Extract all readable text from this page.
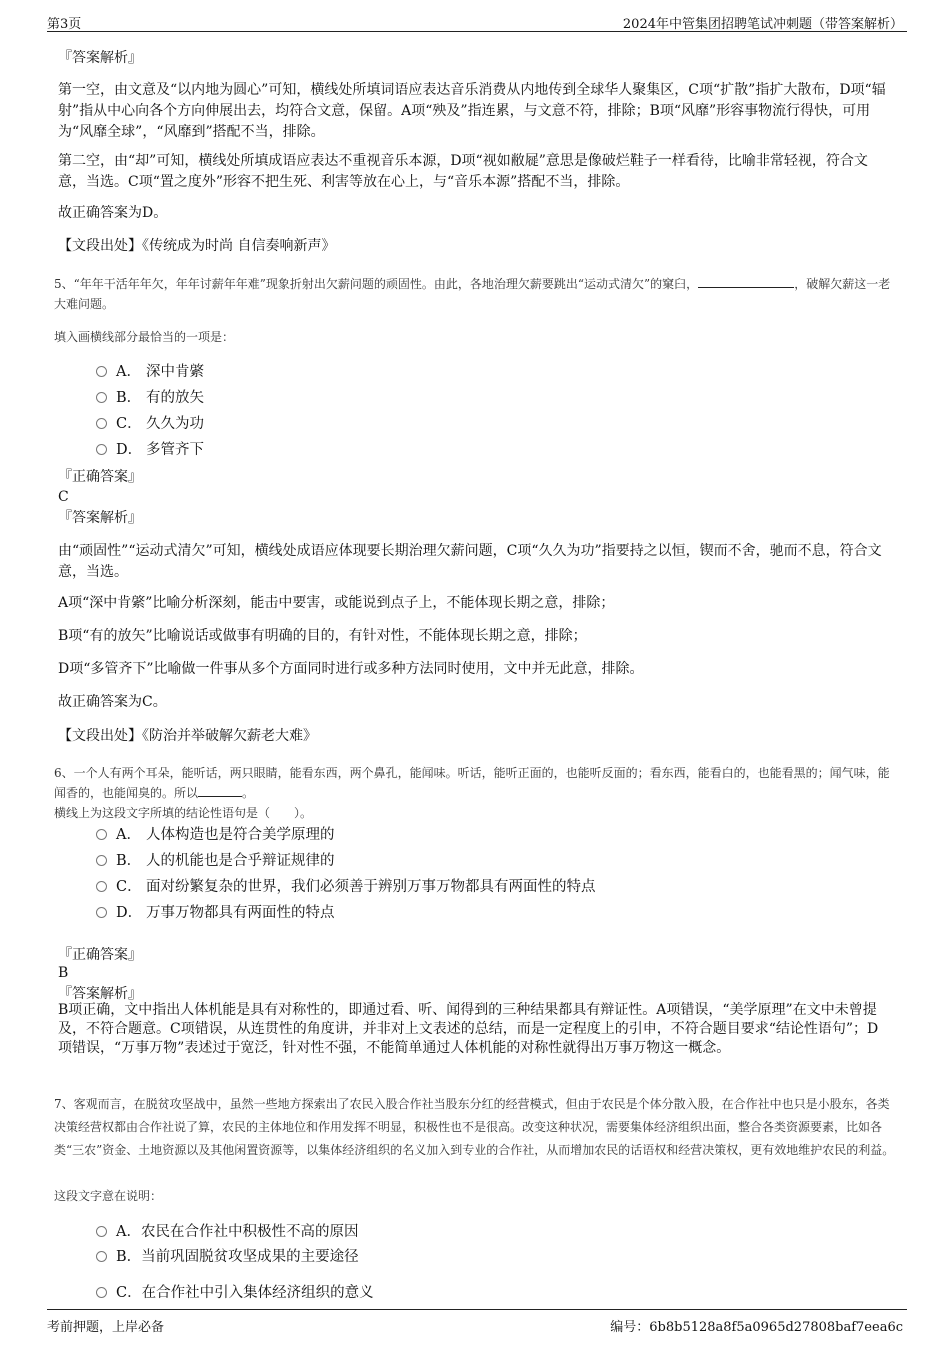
第3页	2024年中管集团招聘笔试冲刺题（带答案解析）
『答案解析』
第一空，由文意及“以内地为圆心”可知，横线处所填词语应表达音乐消费从内地传到全球华人聚集区，C项“扩散”指扩大散布，D项“辐射”指从中心向各个方向伸展出去，均符合文意，保留。A项“殃及”指连累，与文意不符，排除；B项“风靡”形容事物流行得快，可用为“风靡全球”，“风靡到”搭配不当，排除。
第二空，由“却”可知，横线处所填成语应表达不重视音乐本源，D项“视如敝屣”意思是像破烂鞋子一样看待，比喻非常轻视，符合文意，当选。C项“置之度外”形容不把生死、利害等放在心上，与“音乐本源”搭配不当，排除。
故正确答案为D。
【文段出处】《传统成为时尚 自信奏响新声》
5、“年年干活年年欠，年年讨薪年年难”现象折射出欠薪问题的顽固性。由此，各地治理欠薪要跳出“运动式清欠”的窠臼，	，破解欠薪这一老大难问题。
填入画横线部分最恰当的一项是：
A． 深中肯綮
B． 有的放矢
C． 久久为功
D． 多管齐下
『正确答案』
C
『答案解析』
由“顽固性”“运动式清欠”可知，横线处成语应体现要长期治理欠薪问题，C项“久久为功”指要持之以恒，锲而不舍，驰而不息，符合文意，当选。
A项“深中肯綮”比喻分析深刻，能击中要害，或能说到点子上，不能体现长期之意，排除；
B项“有的放矢”比喻说话或做事有明确的目的，有针对性，不能体现长期之意，排除；
D项“多管齐下”比喻做一件事从多个方面同时进行或多种方法同时使用，文中并无此意，排除。
故正确答案为C。
【文段出处】《防治并举破解欠薪老大难》
6、一个人有两个耳朵，能听话，两只眼睛，能看东西，两个鼻孔，能闻味。听话，能听正面的，也能听反面的；看东西，能看白的，也能看黑的；闻气味，能闻香的，也能闻臭的。所以	。
横线上为这段文字所填的结论性语句是（　　）。
A． 人体构造也是符合美学原理的
B． 人的机能也是合乎辩证规律的
C． 面对纷繁复杂的世界，我们必须善于辨别万事万物都具有两面性的特点
D． 万事万物都具有两面性的特点
『正确答案』
B
『答案解析』
B项正确，文中指出人体机能是具有对称性的，即通过看、听、闻得到的三种结果都具有辩证性。A项错误，“美学原理”在文中未曾提及，不符合题意。C项错误，从连贯性的角度讲，并非对上文表述的总结，而是一定程度上的引申，不符合题目要求“结论性语句”；D项错误，“万事万物”表述过于宽泛，针对性不强，不能简单通过人体机能的对称性就得出万事万物这一概念。
7、客观而言，在脱贫攻坚战中，虽然一些地方探索出了农民入股合作社当股东分红的经营模式，但由于农民是个体分散入股，在合作社中也只是小股东，各类决策经营权都由合作社说了算，农民的主体地位和作用发挥不明显，积极性也不是很高。改变这种状况，需要集体经济组织出面，整合各类资源要素，比如各类“三农”资金、土地资源以及其他闲置资源等，以集体经济组织的名义加入到专业的合作社，从而增加农民的话语权和经营决策权，更有效地维护农民的利益。
这段文字意在说明：
A．农民在合作社中积极性不高的原因
B．当前巩固脱贫攻坚成果的主要途径
C．在合作社中引入集体经济组织的意义
考前押题，上岸必备	编号：6b8b5128a8f5a0965d27808baf7eea6c
